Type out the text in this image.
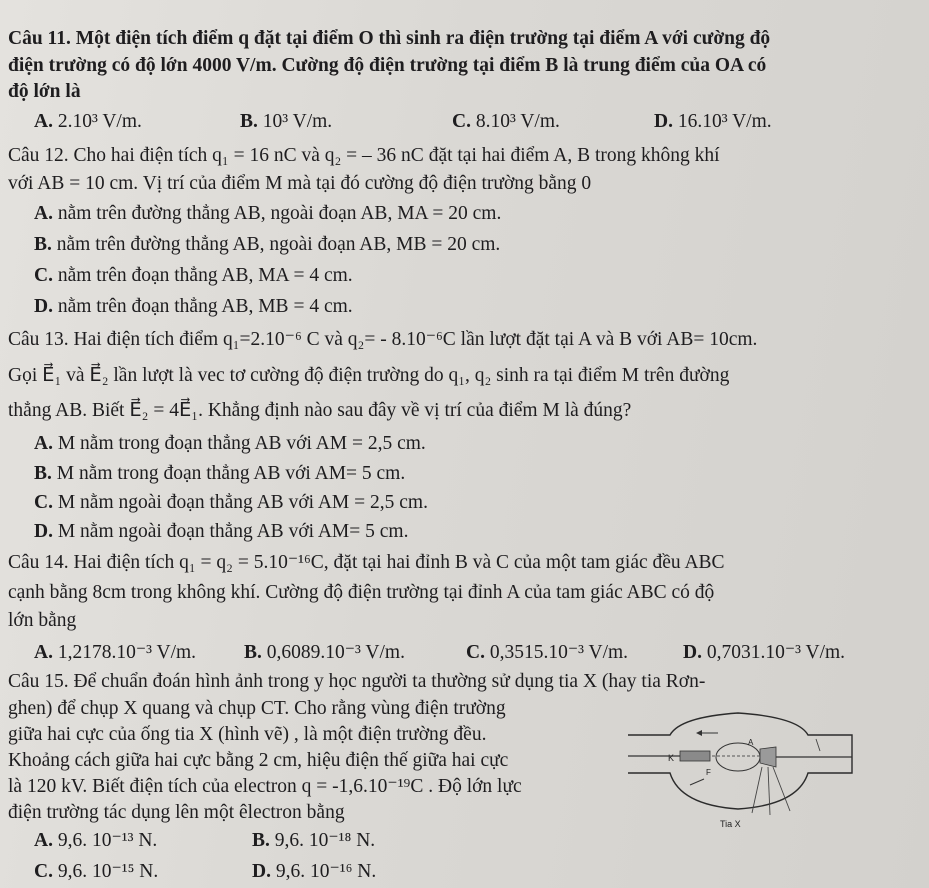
Câu 11. Một điện tích điểm q đặt tại điểm O thì sinh ra điện trường tại điểm A với cường độ
điện trường có độ lớn 4000 V/m. Cường độ điện trường tại điểm B là trung điểm của OA có
độ lớn là
A. 2.10³ V/m.	B. 10³ V/m.	C. 8.10³ V/m.	D. 16.10³ V/m.
Câu 12. Cho hai điện tích q₁ = 16 nC và q₂ = – 36 nC đặt tại hai điểm A, B trong không khí
với AB = 10 cm. Vị trí của điểm M mà tại đó cường độ điện trường bằng 0
A. nằm trên đường thẳng AB, ngoài đoạn AB, MA = 20 cm.
B. nằm trên đường thẳng AB, ngoài đoạn AB, MB = 20 cm.
C. nằm trên đoạn thẳng AB, MA = 4 cm.
D. nằm trên đoạn thẳng AB, MB = 4 cm.
Câu 13. Hai điện tích điểm q₁=2.10⁻⁶ C và q₂= - 8.10⁻⁶C lần lượt đặt tại A và B với AB= 10cm.
Gọi E⃗₁ và E⃗₂ lần lượt là vec tơ cường độ điện trường do q₁, q₂ sinh ra tại điểm M trên đường
thẳng AB. Biết E⃗₂ = 4E⃗₁. Khẳng định nào sau đây về vị trí của điểm M là đúng?
A. M nằm trong đoạn thẳng AB với AM = 2,5 cm.
B. M nằm trong đoạn thẳng AB với AM= 5 cm.
C. M nằm ngoài đoạn thẳng AB với AM = 2,5 cm.
D. M nằm ngoài đoạn thẳng AB với AM= 5 cm.
Câu 14. Hai điện tích q₁ = q₂ = 5.10⁻¹⁶C, đặt tại hai đỉnh B và C của một tam giác đều ABC
cạnh bằng 8cm trong không khí. Cường độ điện trường tại đỉnh A của tam giác ABC có độ
lớn bằng
A. 1,2178.10⁻³ V/m. B. 0,6089.10⁻³ V/m.	C. 0,3515.10⁻³ V/m.	D. 0,7031.10⁻³ V/m.
Câu 15. Để chuẩn đoán hình ảnh trong y học người ta thường sử dụng tia X (hay tia Rơn-
ghen) để chụp X quang và chụp CT. Cho rằng vùng điện trường
giữa hai cực của ống tia X (hình vẽ) , là một điện trường đều.
Khoảng cách giữa hai cực bằng 2 cm, hiệu điện thế giữa hai cực
là 120 kV. Biết điện tích của electron q = -1,6.10⁻¹⁹C . Độ lớn lực
điện trường tác dụng lên một êlectron bằng
A. 9,6. 10⁻¹³ N.	B. 9,6. 10⁻¹⁸ N.
C. 9,6. 10⁻¹⁵ N.	D. 9,6. 10⁻¹⁶ N.
K
A
F
Tia X
